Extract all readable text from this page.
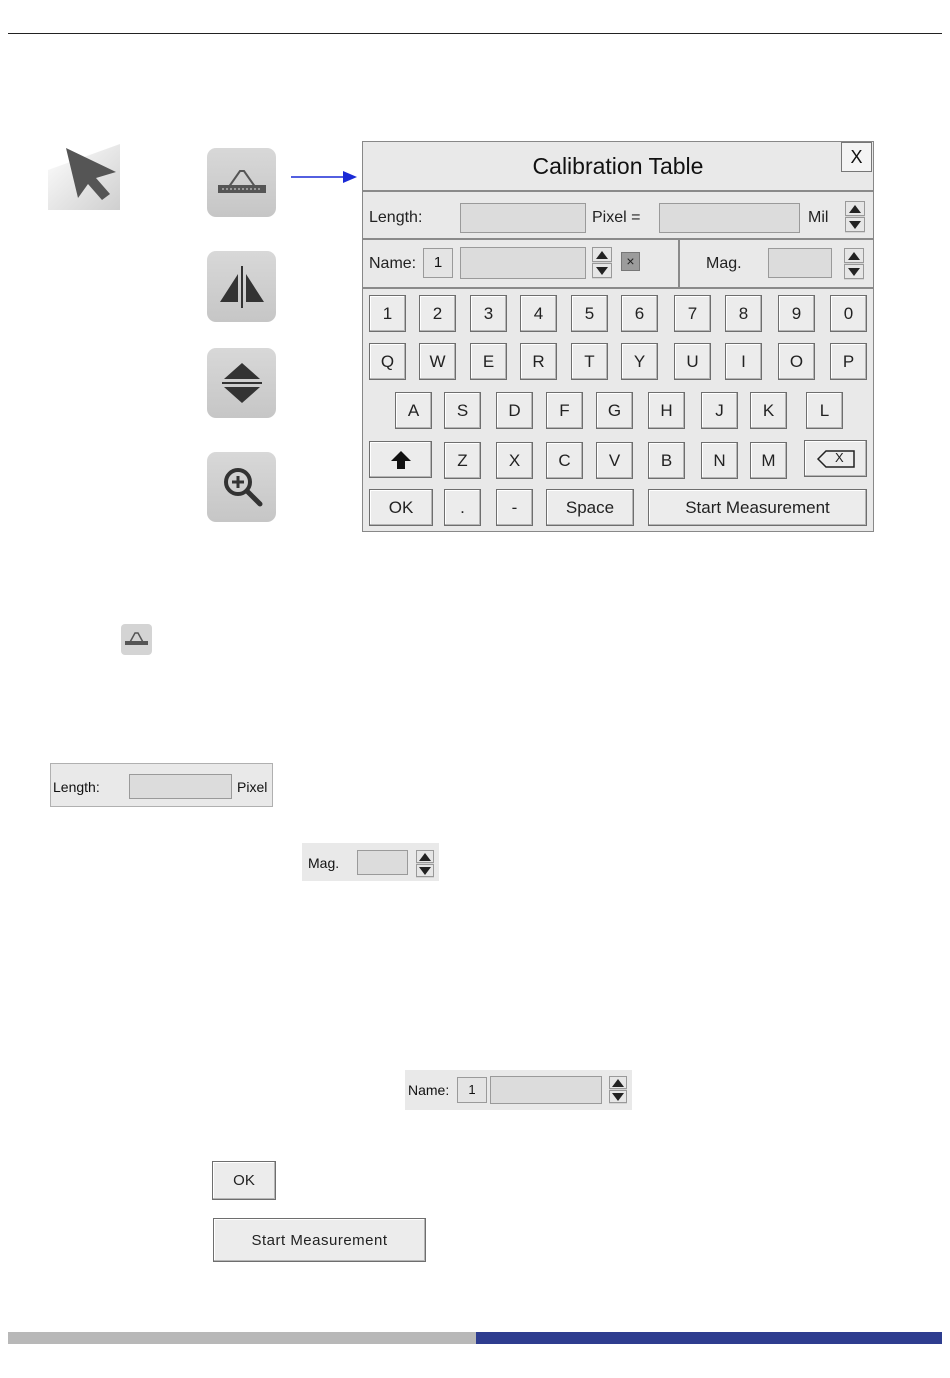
Calibration Table	X
Length:	Pixel =	Mil
Name:	1	×	Mag.
1	2	3	4	5	6	7	8	9	0
Q	W	E	R	T	Y	U	I	O	P
A	S	D	F	G	H	J	K	L
Z	X	C	V	B	N	M	X
OK	.	-	Space	Start Measurement
Length:	Pixel
Mag.
Name:	1
OK
Start Measurement
